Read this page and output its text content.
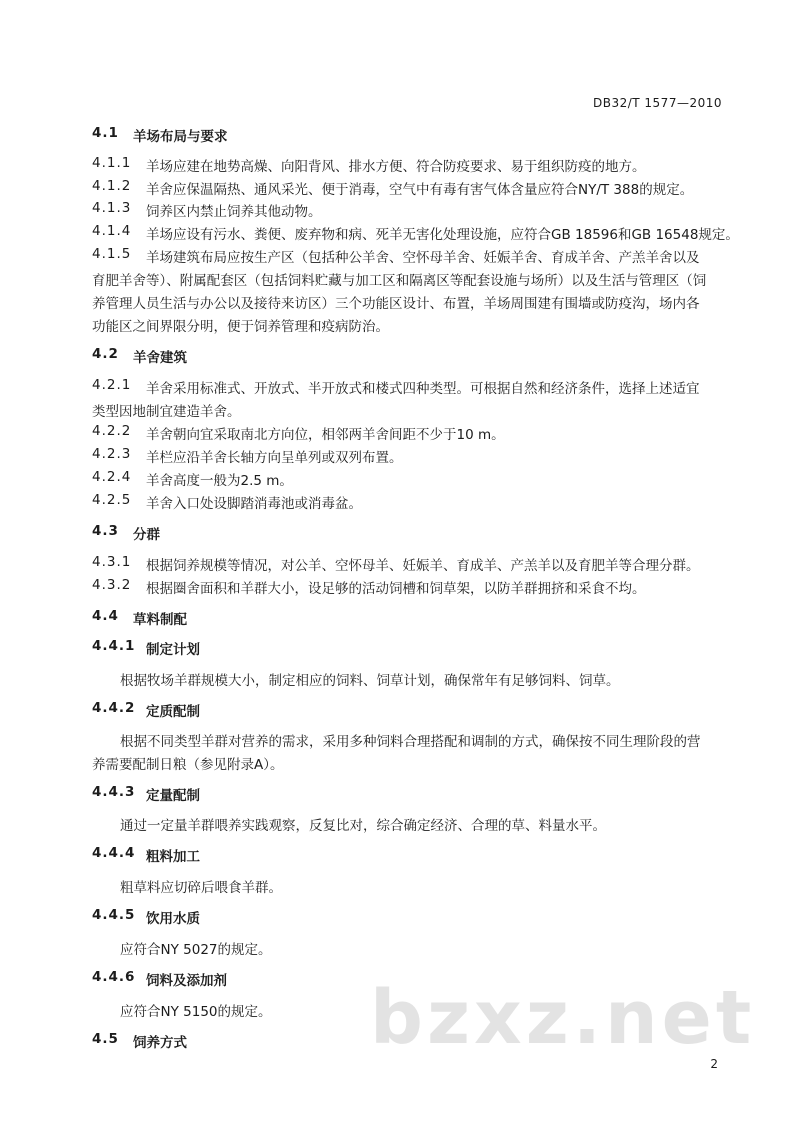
DB32/T 1577—2010
4.1 羊场布局与要求
4.1.1 羊场应建在地势高燥、向阳背风、排水方便、符合防疫要求、易于组织防疫的地方。
4.1.2 羊舍应保温隔热、通风采光、便于消毒，空气中有毒有害气体含量应符合NY/T 388的规定。
4.1.3 饲养区内禁止饲养其他动物。
4.1.4 羊场应设有污水、粪便、废弃物和病、死羊无害化处理设施，应符合GB 18596和GB 16548规定。
4.1.5 羊场建筑布局应按生产区（包括种公羊舍、空怀母羊舍、妊娠羊舍、育成羊舍、产羔羊舍以及
育肥羊舍等）、附属配套区（包括饲料贮藏与加工区和隔离区等配套设施与场所）以及生活与管理区（饲
养管理人员生活与办公以及接待来访区）三个功能区设计、布置，羊场周围建有围墙或防疫沟，场内各
功能区之间界限分明，便于饲养管理和疫病防治。
4.2 羊舍建筑
4.2.1 羊舍采用标准式、开放式、半开放式和楼式四种类型。可根据自然和经济条件，选择上述适宜
类型因地制宜建造羊舍。
4.2.2 羊舍朝向宜采取南北方向位，相邻两羊舍间距不少于10 m。
4.2.3 羊栏应沿羊舍长轴方向呈单列或双列布置。
4.2.4 羊舍高度一般为2.5 m。
4.2.5 羊舍入口处设脚踏消毒池或消毒盆。
4.3 分群
4.3.1 根据饲养规模等情况，对公羊、空怀母羊、妊娠羊、育成羊、产羔羊以及育肥羊等合理分群。
4.3.2 根据圈舍面积和羊群大小，设足够的活动饲槽和饲草架，以防羊群拥挤和采食不均。
4.4 草料制配
4.4.1 制定计划
根据牧场羊群规模大小，制定相应的饲料、饲草计划，确保常年有足够饲料、饲草。
4.4.2 定质配制
根据不同类型羊群对营养的需求，采用多种饲料合理搭配和调制的方式，确保按不同生理阶段的营
养需要配制日粮（参见附录A）。
4.4.3 定量配制
通过一定量羊群喂养实践观察，反复比对，综合确定经济、合理的草、料量水平。
4.4.4 粗料加工
粗草料应切碎后喂食羊群。
4.4.5 饮用水质
应符合NY 5027的规定。
4.4.6 饲料及添加剂
应符合NY 5150的规定。
4.5 饲养方式 bzxz.net
2
